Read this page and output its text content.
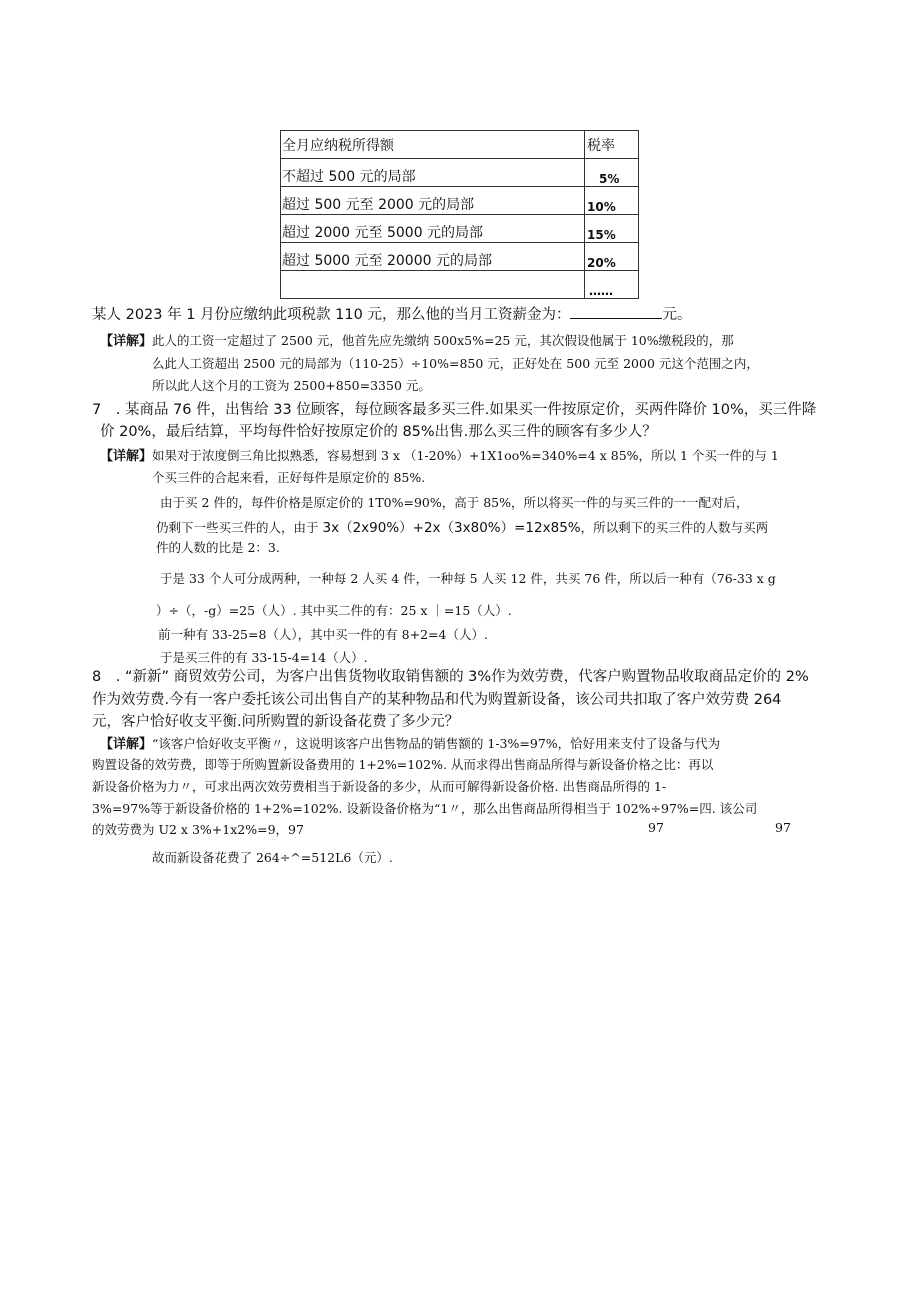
全月应纳税所得额	税率
不超过 500 元的局部	5%
超过 500 元至 2000 元的局部	10%
超过 2000 元至 5000 元的局部	15%
超过 5000 元至 20000 元的局部	20%
	……
某人 2023 年 1 月份应缴纳此项税款 110 元，那么他的当月工资薪金为：	元。
【详解】此人的工资一定超过了 2500 元，他首先应先缴纳 500x5%=25 元，其次假设他属于 10%缴税段的，那
么此人工资超出 2500 元的局部为（110-25）÷10%=850 元，正好处在 500 元至 2000 元这个范围之内，
所以此人这个月的工资为 2500+850=3350 元。
7　. 某商品 76 件，出售给 33 位顾客，每位顾客最多买三件.如果买一件按原定价，买两件降价 10%，买三件降
价 20%，最后结算，平均每件恰好按原定价的 85%出售.那么买三件的顾客有多少人？
【详解】如果对于浓度倒三角比拟熟悉，容易想到 3 x （1-20%）+1X1oo%=340%=4 x 85%，所以 1 个买一件的与 1
个买三件的合起来看，正好每件是原定价的 85%.
由于买 2 件的，每件价格是原定价的 1T0%=90%，高于 85%，所以将买一件的与买三件的一一配对后，
仍剩下一些买三件的人，由于 3x（2x90%）+2x（3x80%）=12x85%，所以剩下的买三件的人数与买两
件的人数的比是 2：3.
于是 33 个人可分成两种，一种每 2 人买 4 件，一种每 5 人买 12 件，共买 76 件，所以后一种有（76-33 x g
）÷（，-g）=25（人）. 其中买二件的有：25 x ｜=15（人）.
前一种有 33-25=8（人），其中买一件的有 8+2=4（人）.
于是买三件的有 33-15-4=14（人）.
8　. “新新” 商贸效劳公司，为客户出售货物收取销售额的 3%作为效劳费，代客户购置物品收取商品定价的 2%
作为效劳费.今有一客户委托该公司出售自产的某种物品和代为购置新设备，该公司共扣取了客户效劳费 264
元，客户恰好收支平衡.问所购置的新设备花费了多少元？
【详解】“该客户恰好收支平衡〃，这说明该客户出售物品的销售额的 1-3%=97%，恰好用来支付了设备与代为
购置设备的效劳费，即等于所购置新设备费用的 1+2%=102%. 从而求得出售商品所得与新设备价格之比：再以
新设备价格为力〃，可求出两次效劳费相当于新设备的多少，从而可解得新设备价格. 出售商品所得的 1-
3%=97%等于新设备价格的 1+2%=102%. 设新设备价格为“1〃，那么出售商品所得相当于 102%÷97%=四. 该公司
的效劳费为 U2 x 3%+1x2%=9，97	97	97
故而新设备花费了 264÷^=512L6（元）.
